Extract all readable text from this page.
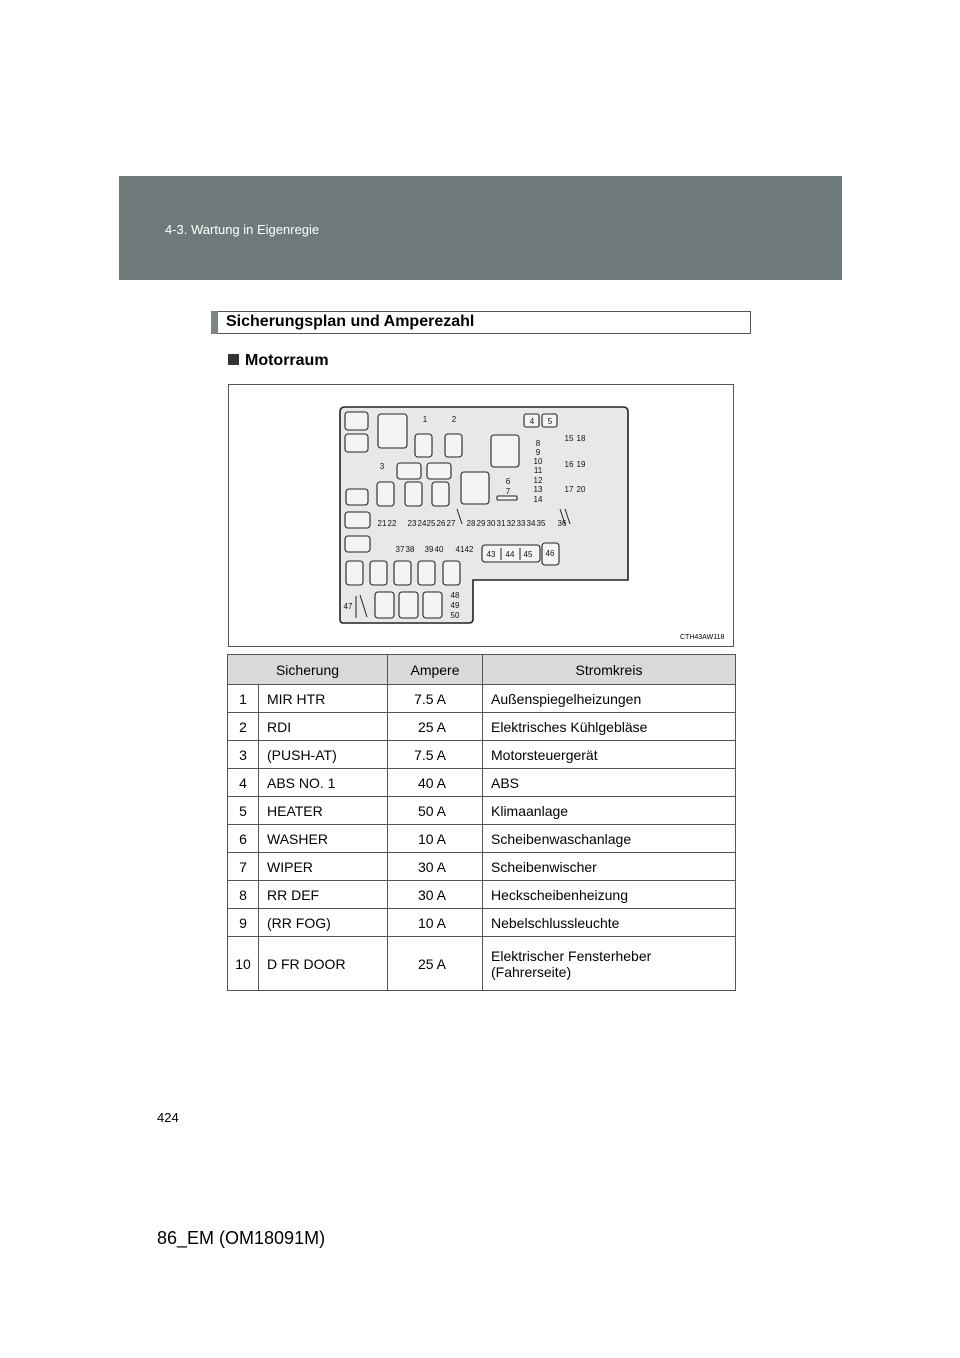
4-3. Wartung in Eigenregie
Sicherungsplan und Amperezahl
Motorraum
1	2
3
4 5
6
7
8
9
10
11
12
13
14
15
16
17
18
19
20
21 22 23 24 25 26 27 28 29 30 31 32 33 34 35 36
37 38 39 40 41 42
43 44 45 46
47
48
49
50
CTH43AW118
Sicherung		Ampere	Stromkreis
1	MIR HTR	7.5 A	Außenspiegelheizungen
2	RDI	25 A	Elektrisches Kühlgebläse
3	(PUSH-AT)	7.5 A	Motorsteuergerät
4	ABS NO. 1	40 A	ABS
5	HEATER	50 A	Klimaanlage
6	WASHER	10 A	Scheibenwaschanlage
7	WIPER	30 A	Scheibenwischer
8	RR DEF	30 A	Heckscheibenheizung
9	(RR FOG)	10 A	Nebelschlussleuchte
10	D FR DOOR	25 A	Elektrischer Fensterheber
(Fahrerseite)
424
86_EM (OM18091M)
